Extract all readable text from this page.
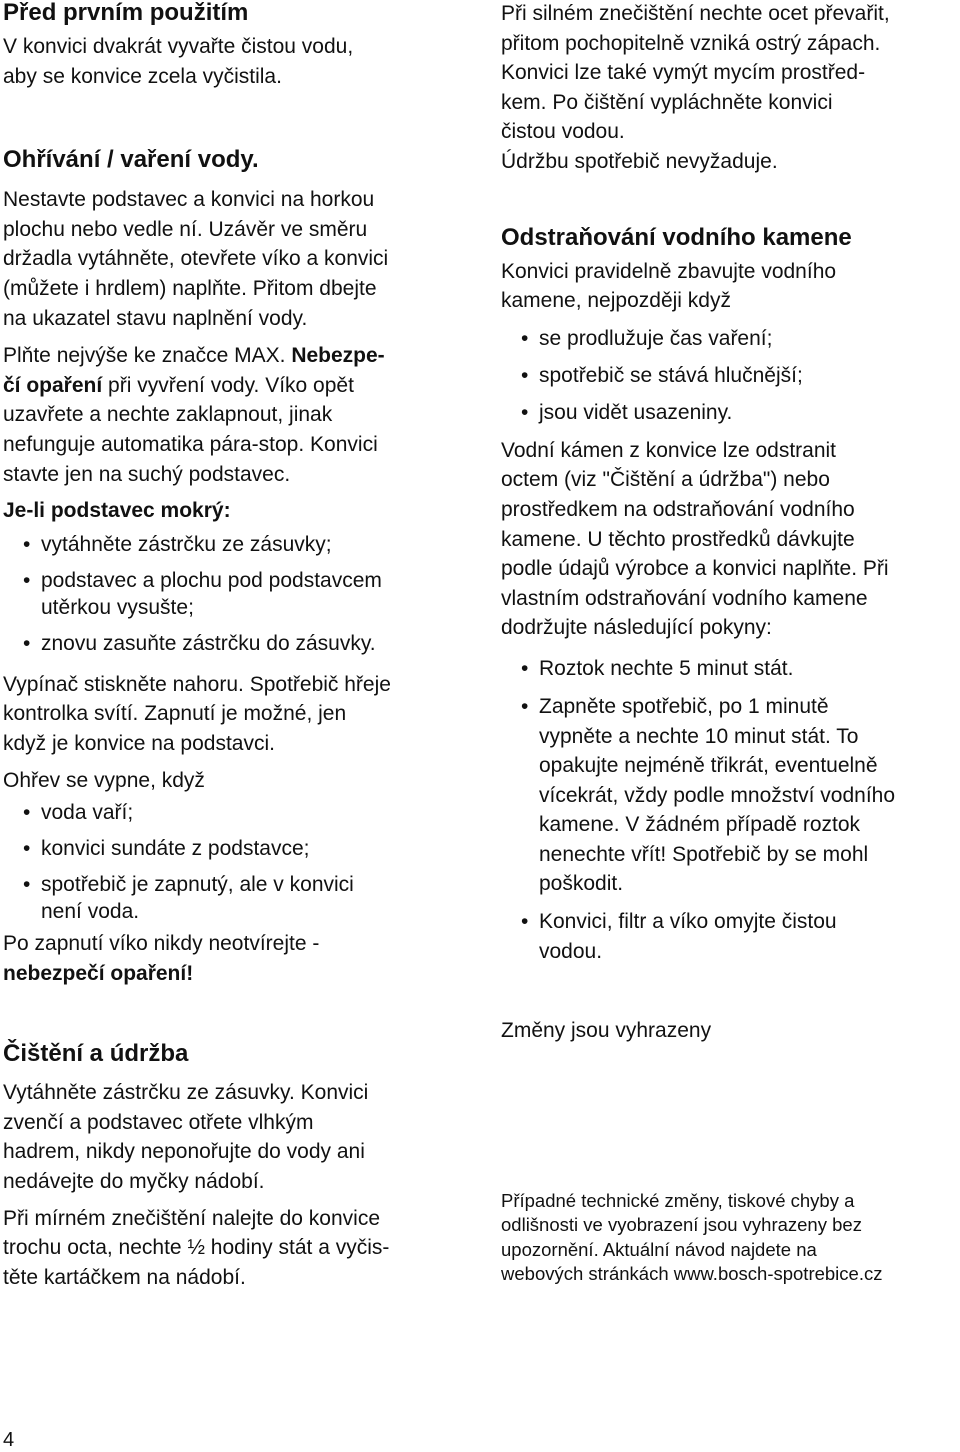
Před prvním použitím

V konvici dvakrát vyvařte čistou vodu,
aby se konvice zcela vyčistila.

Ohřívání / vaření vody.

Nestavte podstavec a konvici na horkou
plochu nebo vedle ní. Uzávěr ve směru
držadla vytáhněte, otevřete víko a konvici
(můžete i hrdlem) naplňte. Přitom dbejte
na ukazatel stavu naplnění vody.

Plňte nejvýše ke značce MAX. Nebezpe-
čí opaření při vyvření vody. Víko opět
uzavřete a nechte zaklapnout, jinak
nefunguje automatika pára-stop. Konvici
stavte jen na suchý podstavec.

Je-li podstavec mokrý:

• vytáhněte zástrčku ze zásuvky;
• podstavec a plochu pod podstavcem
utěrkou vysušte;
• znovu zasuňte zástrčku do zásuvky.

Vypínač stiskněte nahoru. Spotřebič hřeje
kontrolka svítí. Zapnutí je možné, jen
když je konvice na podstavci.

Ohřev se vypne, když

• voda vaří;
• konvici sundáte z podstavce;
• spotřebič je zapnutý, ale v konvici
není voda.

Po zapnutí víko nikdy neotvírejte -

nebezpečí opaření!

Čištění a údržba

Vytáhněte zástrčku ze zásuvky. Konvici
zvenčí a podstavec otřete vlhkým
hadrem, nikdy neponořujte do vody ani
nedávejte do myčky nádobí.

Při mírném znečištění nalejte do konvice
trochu octa, nechte ½ hodiny stát a vyčis-
těte kartáčkem na nádobí.

Při silném znečištění nechte ocet převařit,
přitom pochopitelně vzniká ostrý zápach.
Konvici lze také vymýt mycím prostřed-
kem. Po čištění vypláchněte konvici
čistou vodou.
Údržbu spotřebič nevyžaduje.

Odstraňování vodního kamene

Konvici pravidelně zbavujte vodního
kamene, nejpozději když

• se prodlužuje čas vaření;
• spotřebič se stává hlučnější;
• jsou vidět usazeniny.

Vodní kámen z konvice lze odstranit
octem (viz "Čištění a údržba") nebo
prostředkem na odstraňování vodního
kamene. U těchto prostředků dávkujte
podle údajů výrobce a konvici naplňte. Při
vlastním odstraňování vodního kamene
dodržujte následující pokyny:

• Roztok nechte 5 minut stát.
• Zapněte spotřebič, po 1 minutě
vypněte a nechte 10 minut stát. To
opakujte nejméně třikrát, eventuelně
vícekrát, vždy podle množství vodního
kamene. V žádném případě roztok
nenechte vřít! Spotřebič by se mohl
poškodit.
• Konvici, filtr a víko omyjte čistou
vodou.

Změny jsou vyhrazeny

Případné technické změny, tiskové chyby a
odlišnosti ve vyobrazení jsou vyhrazeny bez
upozornění. Aktuální návod najdete na
webových stránkách www.bosch-spotrebice.cz

4
